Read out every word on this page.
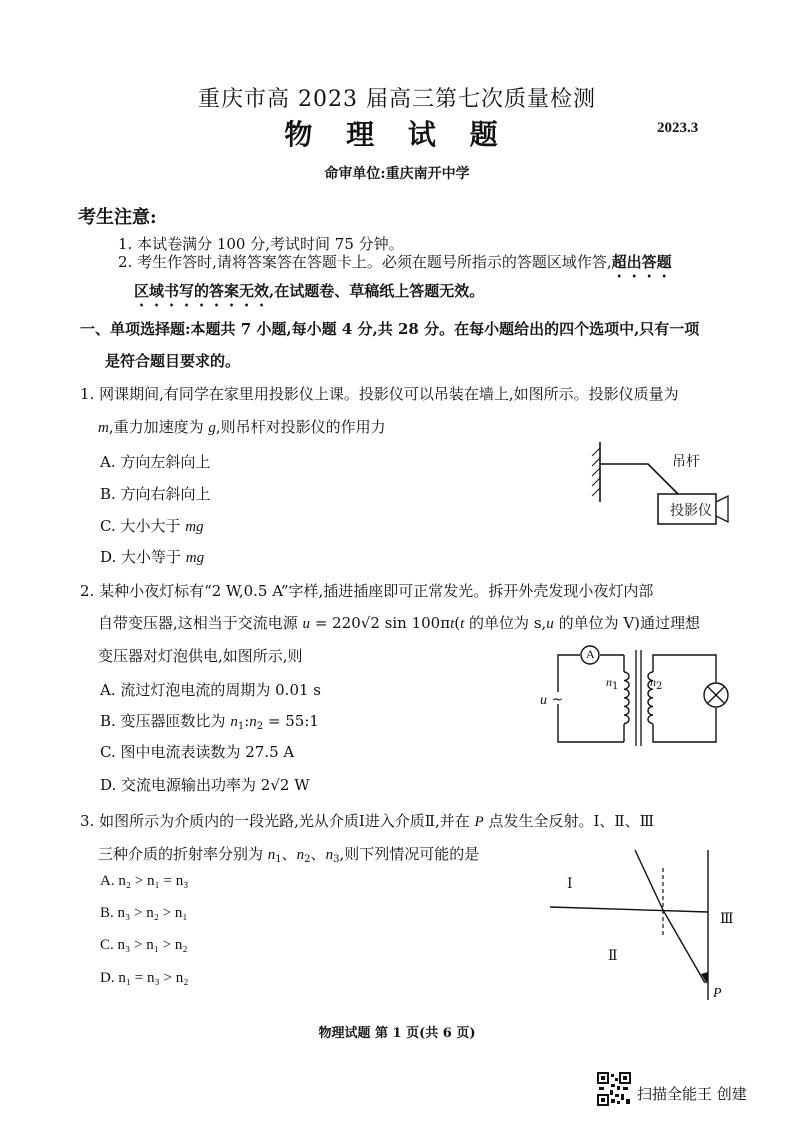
重庆市高 2023 届高三第七次质量检测
物 理 试 题	2023.3
命审单位:重庆南开中学
考生注意:
1. 本试卷满分 100 分,考试时间 75 分钟。
2. 考生作答时,请将答案答在答题卡上。必须在题号所指示的答题区域作答,超出答题
区域书写的答案无效,在试题卷、草稿纸上答题无效。
一、单项选择题:本题共 7 小题,每小题 4 分,共 28 分。在每小题给出的四个选项中,只有一项
是符合题目要求的。
1. 网课期间,有同学在家里用投影仪上课。投影仪可以吊装在墙上,如图所示。投影仪质量为
m,重力加速度为 g,则吊杆对投影仪的作用力
A. 方向左斜向上
B. 方向右斜向上
C. 大小大于 mg
D. 大小等于 mg
吊杆
投影仪
2. 某种小夜灯标有“2 W,0.5 A”字样,插进插座即可正常发光。拆开外壳发现小夜灯内部
自带变压器,这相当于交流电源 u = 220√2 sin 100πt(t 的单位为 s,u 的单位为 V)通过理想
变压器对灯泡供电,如图所示,则
A. 流过灯泡电流的周期为 0.01 s
B. 变压器匝数比为 $n_1:n_2$ = 55:1
C. 图中电流表读数为 27.5 A
D. 交流电源输出功率为 2√2 W
A
u ~
$n_1$	$n_2$
3. 如图所示为介质内的一段光路,光从介质Ⅰ进入介质Ⅱ,并在 P 点发生全反射。Ⅰ、Ⅱ、Ⅲ
三种介质的折射率分别为 $n_1$、$n_2$、$n_3$,则下列情况可能的是
A. n₂ > n₁ = n₃
B. n₃ > n₂ > n₁
C. n₃ > n₁ > n₂
D. n₁ = n₃ > n₂
Ⅰ
Ⅱ
Ⅲ
P
物理试题 第 1 页(共 6 页)
扫描全能王 创建
